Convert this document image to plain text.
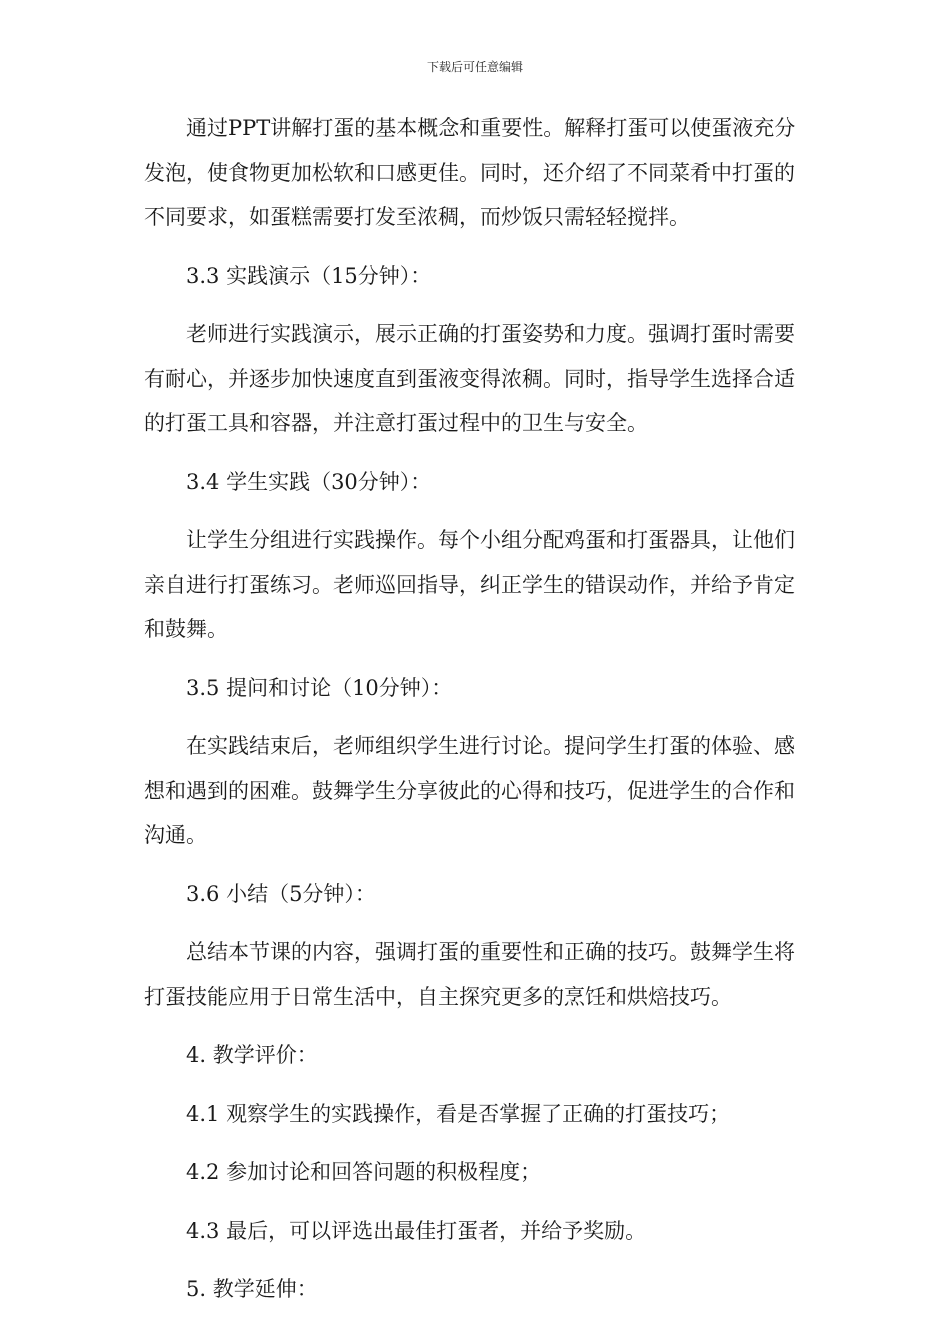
下载后可任意编辑

通过PPT讲解打蛋的基本概念和重要性。解释打蛋可以使蛋液充分发泡，使食物更加松软和口感更佳。同时，还介绍了不同菜肴中打蛋的不同要求，如蛋糕需要打发至浓稠，而炒饭只需轻轻搅拌。

3.3 实践演示（15分钟）：

老师进行实践演示，展示正确的打蛋姿势和力度。强调打蛋时需要有耐心，并逐步加快速度直到蛋液变得浓稠。同时，指导学生选择合适的打蛋工具和容器，并注意打蛋过程中的卫生与安全。

3.4 学生实践（30分钟）：

让学生分组进行实践操作。每个小组分配鸡蛋和打蛋器具，让他们亲自进行打蛋练习。老师巡回指导，纠正学生的错误动作，并给予肯定和鼓舞。

3.5 提问和讨论（10分钟）：

在实践结束后，老师组织学生进行讨论。提问学生打蛋的体验、感想和遇到的困难。鼓舞学生分享彼此的心得和技巧，促进学生的合作和沟通。

3.6 小结（5分钟）：

总结本节课的内容，强调打蛋的重要性和正确的技巧。鼓舞学生将打蛋技能应用于日常生活中，自主探究更多的烹饪和烘焙技巧。

4. 教学评价：

4.1 观察学生的实践操作，看是否掌握了正确的打蛋技巧；

4.2 参加讨论和回答问题的积极程度；

4.3 最后，可以评选出最佳打蛋者，并给予奖励。

5. 教学延伸：
